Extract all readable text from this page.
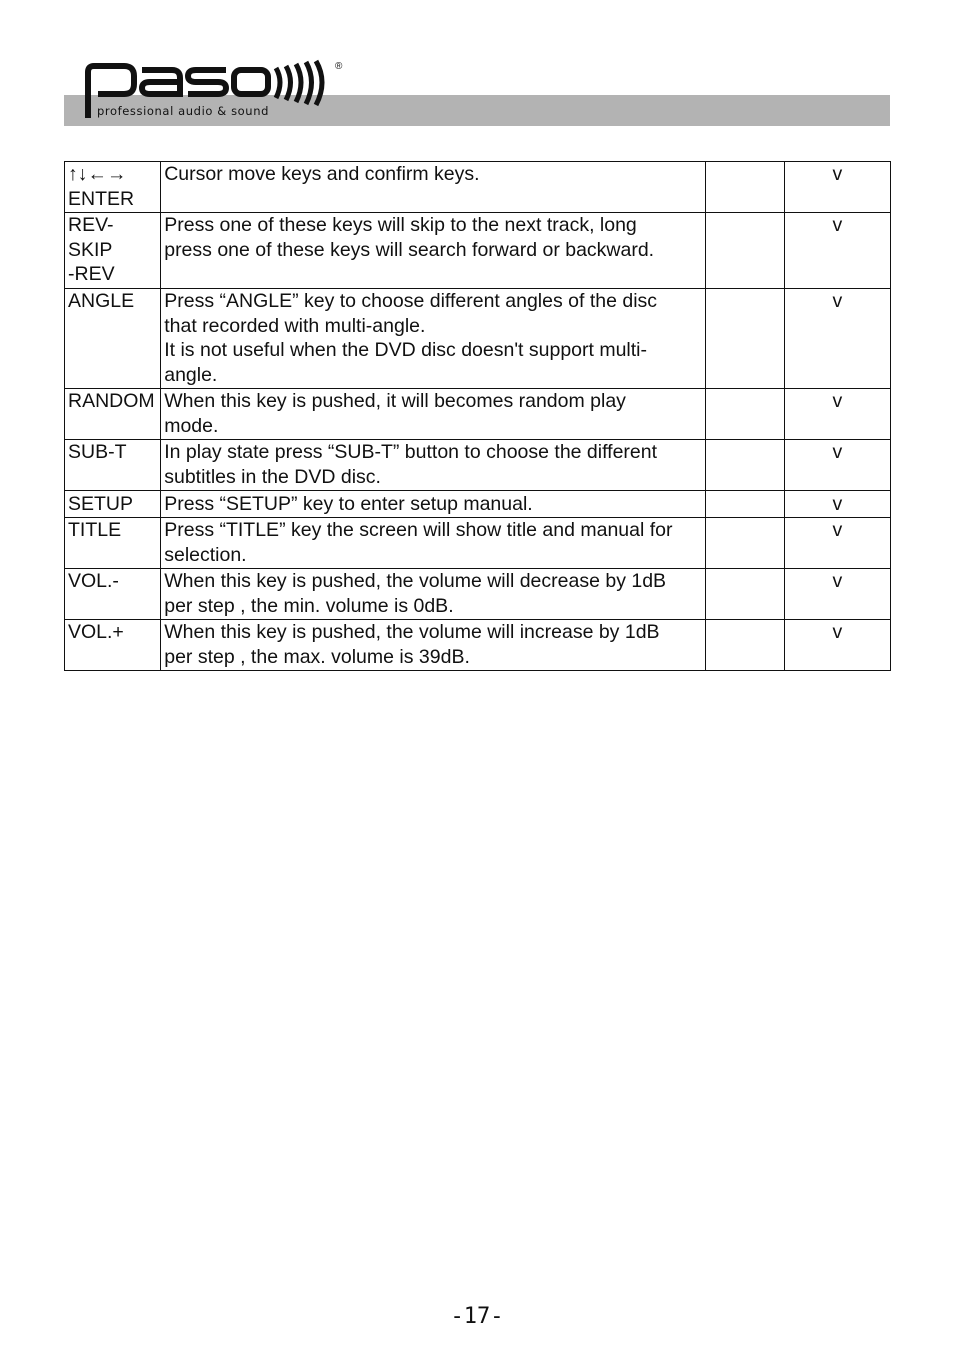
®
professional audio & sound
↑↓←→
ENTER	Cursor move keys and confirm keys.		v

REV-
SKIP
-REV	Press one of these keys will skip to the next track, long
press one of these keys will search forward or backward.		v

ANGLE	Press “ANGLE” key to choose different angles of the disc
that recorded with multi-angle.
It is not useful when the DVD disc doesn't support multi-
angle.		v

RANDOM	When this key is pushed, it will becomes random play
mode.		v

SUB-T	In play state press “SUB-T” button to choose the different
subtitles in the DVD disc.		v

SETUP	Press “SETUP” key to enter setup manual.		v

TITLE	Press “TITLE” key the screen will show title and manual for
selection.		v

VOL.-	When this key is pushed, the volume will decrease by 1dB
per step , the min. volume is 0dB.		v

VOL.+	When this key is pushed, the volume will increase by 1dB
per step , the max. volume is 39dB.		v
-17-
